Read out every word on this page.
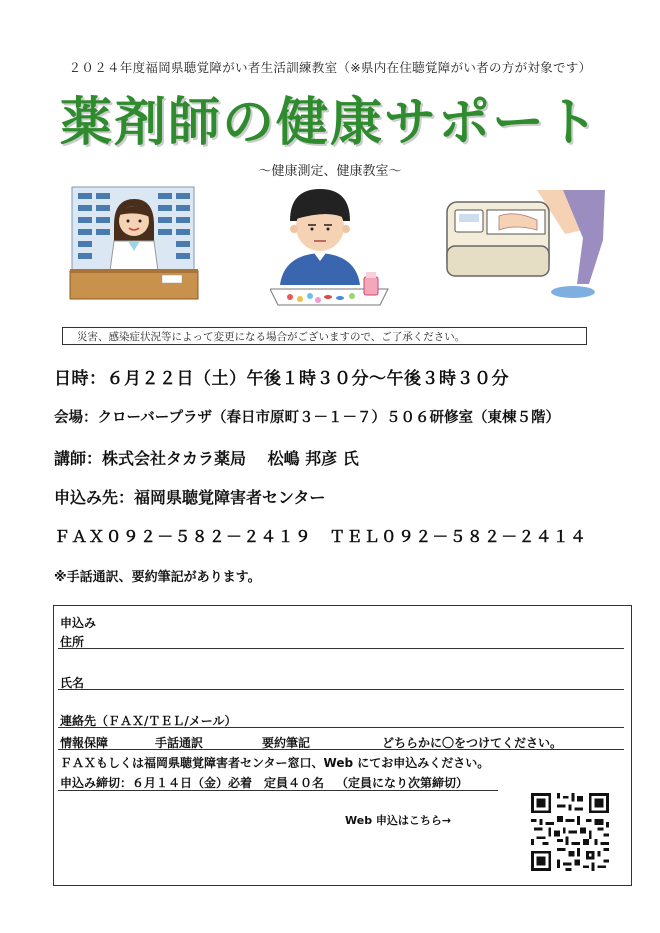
２０２４年度福岡県聴覚障がい者生活訓練教室（※県内在住聴覚障がい者の方が対象です）
薬剤師の健康サポート
～健康測定、健康教室～
災害、感染症状況等によって変更になる場合がございますので、ご了承ください。
日時：６月２２日（土）午後１時３０分～午後３時３０分
会場：クローバープラザ（春日市原町３－１－７）５０６研修室（東棟５階）
講師：株式会社タカラ薬局　 松嶋 邦彦 氏
申込み先：福岡県聴覚障害者センター
ＦＡＸ０９２－５８２－２４１９　ＴＥＬ０９２－５８２－２４１４
※手話通訳、要約筆記があります。
申込み
住所
氏名
連絡先（ＦＡＸ/ＴＥＬ/メール）
情報保障	手話通訳	要約筆記	どちらかに〇をつけてください。
ＦＡＸもしくは福岡県聴覚障害者センター窓口、Web にてお申込みください。
申込み締切：６月１４日（金）必着　定員４０名 （定員になり次第締切）
Web 申込はこちら→
